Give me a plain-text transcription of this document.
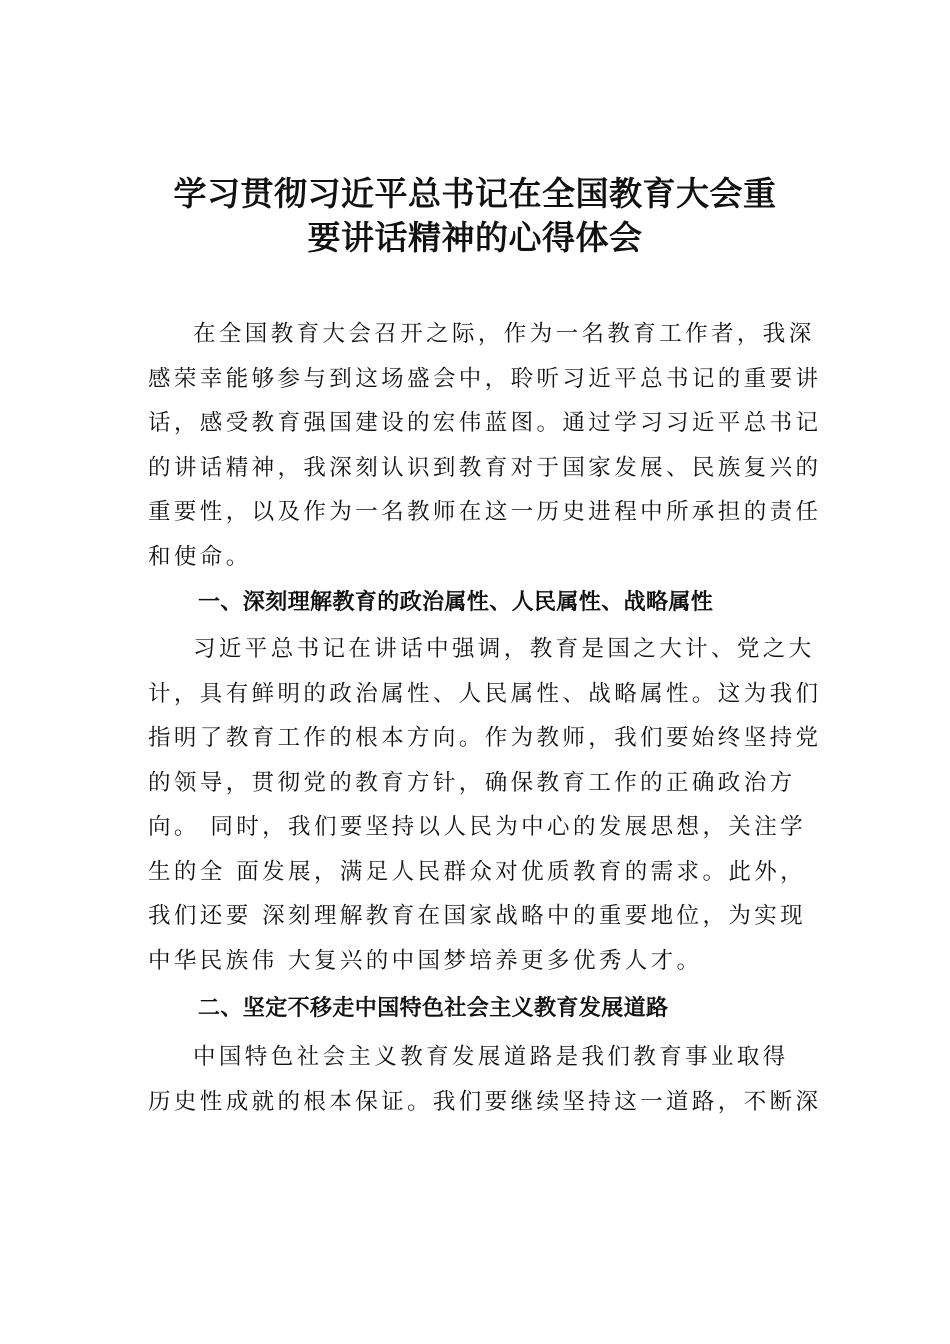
学习贯彻习近平总书记在全国教育大会重
要讲话精神的心得体会

在全国教育大会召开之际，作为一名教育工作者，我深
感荣幸能够参与到这场盛会中，聆听习近平总书记的重要讲
话，感受教育强国建设的宏伟蓝图。通过学习习近平总书记
的讲话精神，我深刻认识到教育对于国家发展、民族复兴的
重要性，以及作为一名教师在这一历史进程中所承担的责任
和使命。

一、深刻理解教育的政治属性、人民属性、战略属性

习近平总书记在讲话中强调，教育是国之大计、党之大
计，具有鲜明的政治属性、人民属性、战略属性。这为我们
指明了教育工作的根本方向。作为教师，我们要始终坚持党
的领导，贯彻党的教育方针，确保教育工作的正确政治方
向。 同时，我们要坚持以人民为中心的发展思想，关注学
生的全 面发展，满足人民群众对优质教育的需求。此外，
我们还要 深刻理解教育在国家战略中的重要地位，为实现
中华民族伟 大复兴的中国梦培养更多优秀人才。

二、坚定不移走中国特色社会主义教育发展道路

中国特色社会主义教育发展道路是我们教育事业取得
历史性成就的根本保证。我们要继续坚持这一道路，不断深
